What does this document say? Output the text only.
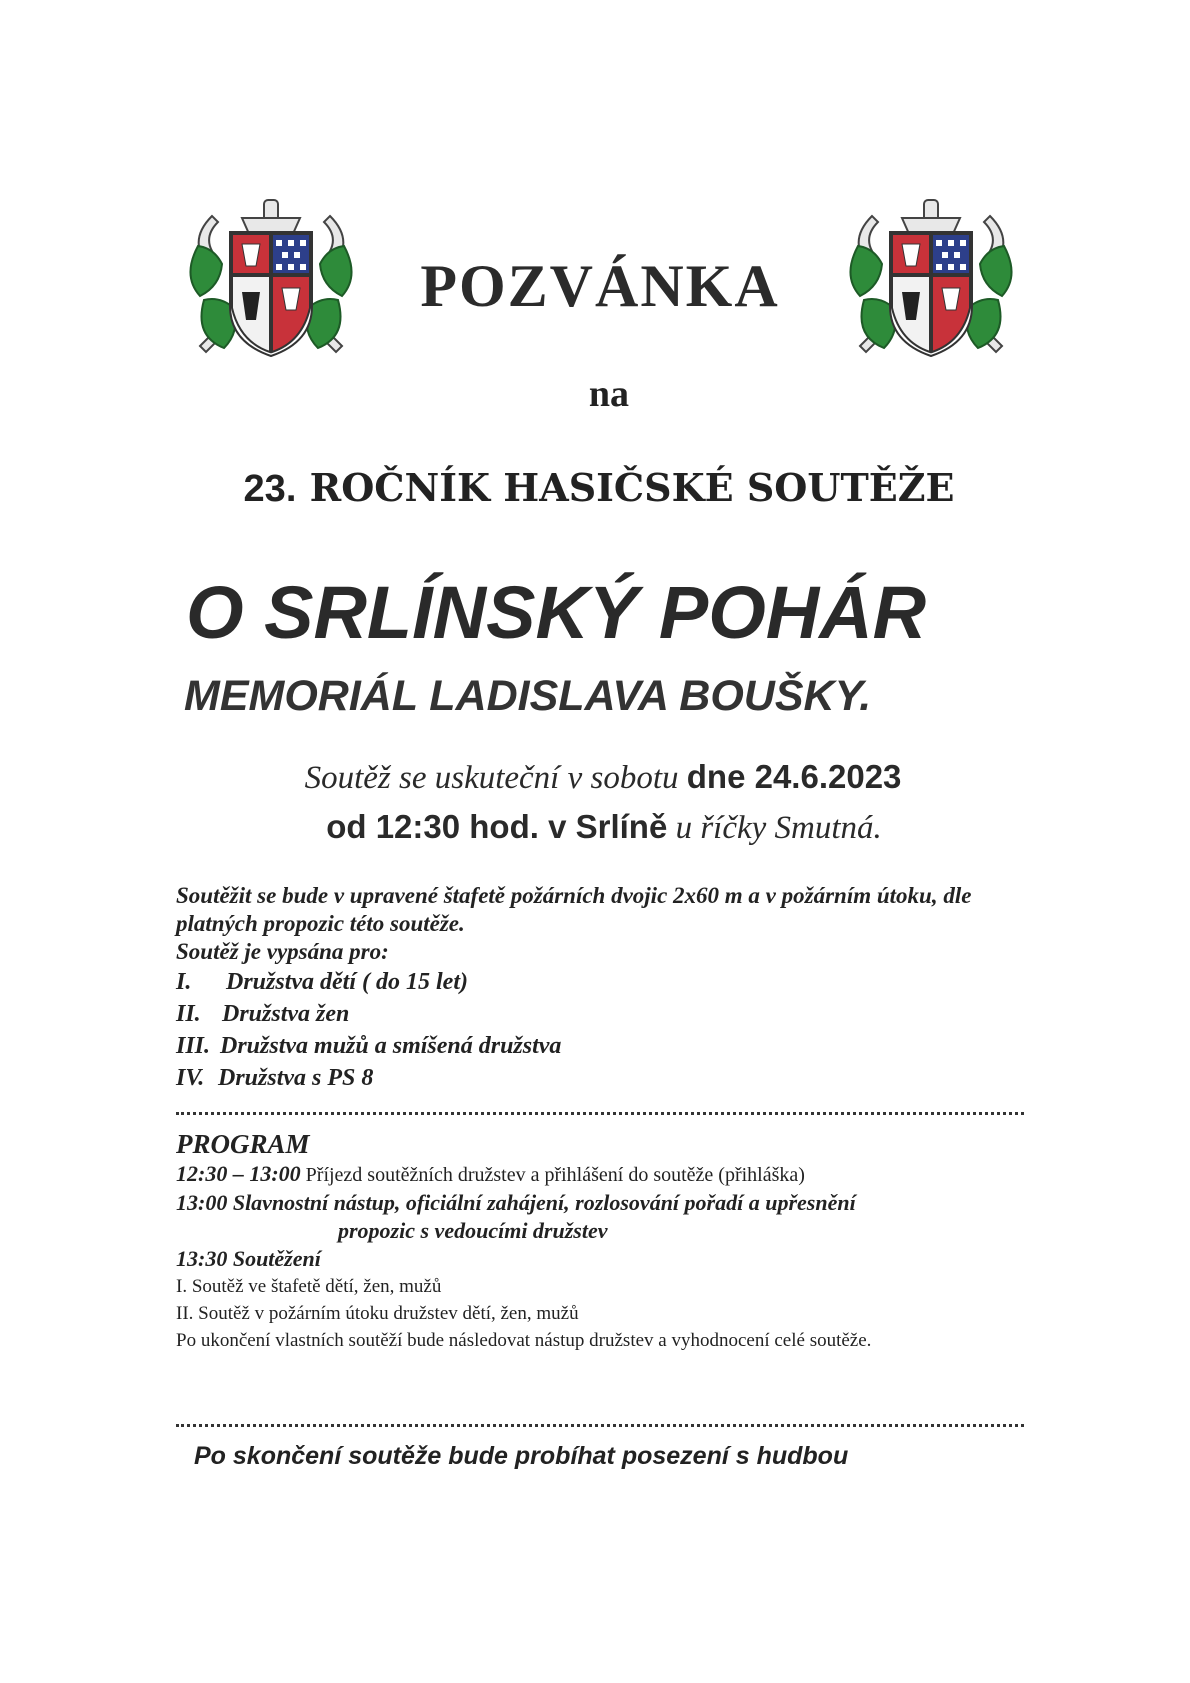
POZVÁNKA
na
23. ROČNÍK HASIČSKÉ SOUTĚŽE
O SRLÍNSKÝ POHÁR
MEMORIÁL LADISLAVA BOUŠKY.
Soutěž se uskuteční v sobotu dne 24.6.2023
od 12:30 hod. v Srlíně u říčky Smutná.

Soutěžit se bude v upravené štafetě požárních dvojic 2x60 m a v požárním útoku, dle platných propozic této soutěže.

Soutěž je vypsána pro:

I. Družstva dětí ( do 15 let)
II. Družstva žen
III. Družstva mužů a smíšená družstva
IV. Družstva s PS 8

PROGRAM

12:30 – 13:00 Příjezd soutěžních družstev a přihlášení do soutěže (přihláška)

13:00 Slavnostní nástup, oficiální zahájení, rozlosování pořadí a upřesnění

propozic s vedoucími družstev

13:30 Soutěžení

I. Soutěž ve štafetě dětí, žen, mužů

II. Soutěž v požárním útoku družstev dětí, žen, mužů

Po ukončení vlastních soutěží bude následovat nástup družstev a vyhodnocení celé soutěže.

Po skončení soutěže bude probíhat posezení s hudbou
